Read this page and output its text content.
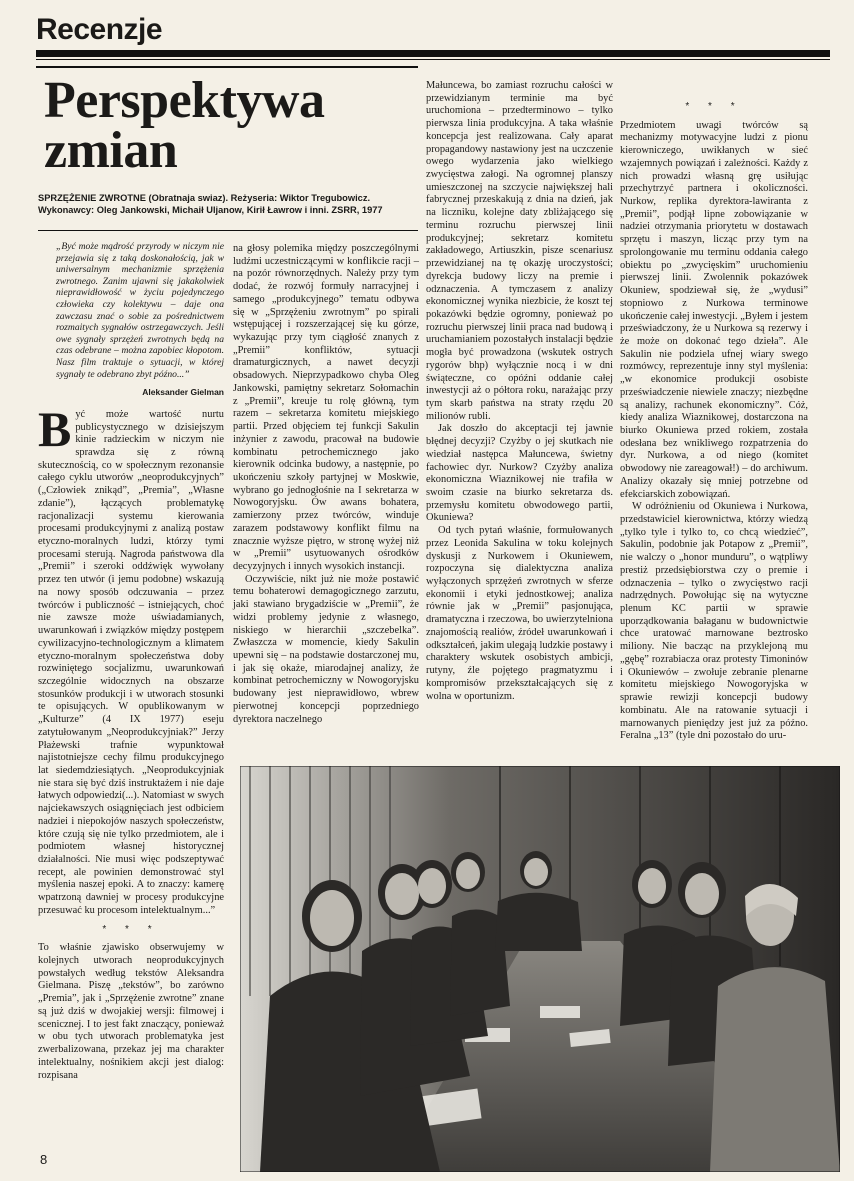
Recenzje
Perspektywa
zmian

SPRZĘŻENIE ZWROTNE (Obratnaja swiaz). Reżyseria: Wiktor Tregubowicz. Wykonawcy: Oleg Jankowski, Michaił Uljanow, Kirił Ławrow i inni. ZSRR, 1977

„Być może mądrość przyrody w niczym nie przejawia się z taką doskonałością, jak w uniwersalnym mechanizmie sprzężenia zwrotnego. Zanim ujawni się jakakolwiek nieprawidłowość w życiu pojedynczego człowieka czy kolektywu – daje ona zawczasu znać o sobie za pośrednictwem rozmaitych sygnałów ostrzegawczych. Jeśli owe sygnały sprzężeń zwrotnych będą na czas odebrane – można zapobiec kłopotom. Nasz film traktuje o sytuacji, w której sygnały te odebrano zbyt późno...”

Aleksander Gielman

Być może wartość nurtu publicystycznego w dzisiejszym kinie radzieckim w niczym nie sprawdza się z równą skutecznością, co w społecznym rezonansie całego cyklu utworów „neoprodukcyjnych” („Człowiek znikąd”, „Premia”, „Własne zdanie”), łączących problematykę racjonalizacji systemu kierowania procesami produkcyjnymi z analizą postaw etyczno-moralnych ludzi, którzy tymi procesami sterują. Nagroda państwowa dla „Premii” i szeroki oddźwięk wywołany przez ten utwór (i jemu podobne) wskazują na nowy sposób odczuwania – przez twórców i publiczność – istniejących, choć nie zawsze może uświadamianych, uwarunkowań i związków między postępem cywilizacyjno-technologicznym a klimatem etyczno-moralnym społeczeństwa doby rozwiniętego socjalizmu, uwarunkowań szczególnie widocznych na obszarze stosunków produkcji i w utworach stosunki te opisujących. W opublikowanym w „Kulturze” (4 IX 1977) eseju zatytułowanym „Neoprodukcyjniak?” Jerzy Płażewski trafnie wypunktował najistotniejsze cechy filmu produkcyjnego lat siedemdziesiątych. „Neoprodukcyjniak nie stara się być dziś instruktażem i nie daje łatwych odpowiedzi(...). Natomiast w swych najciekawszych osiągnięciach jest odbiciem nadziei i niepokojów naszych społeczeństw, które czują się nie tylko przedmiotem, ale i podmiotem własnej historycznej działalności. Nie musi więc podszeptywać recept, ale powinien demonstrować styl myślenia naszej epoki. A to znaczy: kamerę wpatrzoną dawniej w procesy produkcyjne przesuwać ku procesom intelektualnym...”

* * *

To właśnie zjawisko obserwujemy w kolejnych utworach neoprodukcyjnych powstałych według tekstów Aleksandra Gielmana. Piszę „tekstów”, bo zarówno „Premia”, jak i „Sprzężenie zwrotne” znane są już dziś w dwojakiej wersji: filmowej i scenicznej. I to jest fakt znaczący, ponieważ w obu tych utworach problematyka jest zwerbalizowana, przekaz jej ma charakter intelektualny, nośnikiem akcji jest dialog: rozpisana

na głosy polemika między poszczególnymi ludźmi uczestniczącymi w konflikcie racji – na pozór równorzędnych. Należy przy tym dodać, że rozwój formuły narracyjnej i samego „produkcyjnego” tematu odbywa się w „Sprzężeniu zwrotnym” po spirali wstępującej i rozszerzającej się ku górze, wykazując przy tym ciągłość znanych z „Premii” konfliktów, sytuacji dramaturgicznych, a nawet decyzji obsadowych. Nieprzypadkowo chyba Oleg Jankowski, pamiętny sekretarz Sołomachin z „Premii”, kreuje tu rolę główną, tym razem – sekretarza komitetu miejskiego partii. Przed objęciem tej funkcji Sakulin inżynier z zawodu, pracował na budowie kombinatu petrochemicznego jako kierownik odcinka budowy, a następnie, po ukończeniu szkoły partyjnej w Moskwie, wybrano go jednogłośnie na I sekretarza w Nowogoryjsku. Ów awans bohatera, zamierzony przez twórców, winduje zarazem podstawowy konflikt filmu na znacznie wyższe piętro, w stronę wyżej niż w „Premii” usytuowanych ośrodków decyzyjnych i innych wysokich instancji.

Oczywiście, nikt już nie może postawić temu bohaterowi demagogicznego zarzutu, jaki stawiano brygadziście w „Premii”, że widzi problemy jedynie z własnego, niskiego w hierarchii „szczebelka”. Zwłaszcza w momencie, kiedy Sakulin upewni się – na podstawie dostarczonej mu, i jak się okaże, miarodajnej analizy, że kombinat petrochemiczny w Nowogoryjsku budowany jest nieprawidłowo, wbrew pierwotnej koncepcji poprzedniego dyrektora naczelnego

Małuncewa, bo zamiast rozruchu całości w przewidzianym terminie ma być uruchomiona – przedterminowo – tylko pierwsza linia produkcyjna. A taka właśnie koncepcja jest realizowana. Cały aparat propagandowy nastawiony jest na uczczenie owego wydarzenia jako wielkiego zwycięstwa załogi. Na ogromnej planszy umieszczonej na szczycie największej hali fabrycznej przeskakują z dnia na dzień, jak na liczniku, kolejne daty zbliżającego się terminu rozruchu pierwszej linii produkcyjnej; sekretarz komitetu zakładowego, Artiuszkin, pisze scenariusz przewidzianej na tę okazję uroczystości; dyrekcja budowy liczy na premie i odznaczenia. A tymczasem z analizy ekonomicznej wynika niezbicie, że koszt tej pokazówki będzie ogromny, ponieważ po rozruchu pierwszej linii praca nad budową i uruchamianiem pozostałych instalacji będzie mogła być prowadzona (wskutek ostrych rygorów bhp) wyłącznie nocą i w dni świąteczne, co opóźni oddanie całej inwestycji aż o półtora roku, narażając przy tym skarb państwa na straty rzędu 20 milionów rubli.

Jak doszło do akceptacji tej jawnie błędnej decyzji? Czyżby o jej skutkach nie wiedział następca Małuncewa, świetny fachowiec dyr. Nurkow? Czyżby analiza ekonomiczna Wiaznikowej nie trafiła w swoim czasie na biurko sekretarza ds. przemysłu komitetu obwodowego partii, Okuniewa?

Od tych pytań właśnie, formułowanych przez Leonida Sakulina w toku kolejnych dyskusji z Nurkowem i Okuniewem, rozpoczyna się dialektyczna analiza wyłączonych sprzężeń zwrotnych w sferze ekonomii i etyki jednostkowej; analiza równie jak w „Premii” pasjonująca, dramatyczna i rzeczowa, bo uwierzytelniona znajomością realiów, źródeł uwarunkowań i odkształceń, jakim ulegają ludzkie postawy i charaktery wskutek osobistych ambicji, rutyny, źle pojętego pragmatyzmu i kompromisów przekształcających się z wolna w oportunizm.

* * *

Przedmiotem uwagi twórców są mechanizmy motywacyjne ludzi z pionu kierowniczego, uwikłanych w sieć wzajemnych powiązań i zależności. Każdy z nich prowadzi własną grę usiłując przechytrzyć partnera i okoliczności. Nurkow, replika dyrektora-lawiranta z „Premii”, podjął lipne zobowiązanie w nadziei otrzymania priorytetu w dostawach sprzętu i maszyn, licząc przy tym na sprolongowanie mu terminu oddania całego obiektu po „zwycięskim” uruchomieniu pierwszej linii. Zwolennik pokazówek Okuniew, spodziewał się, że „wydusi” stopniowo z Nurkowa terminowe ukończenie całej inwestycji. „Byłem i jestem przeświadczony, że u Nurkowa są rezerwy i że może on dokonać tego dzieła”. Ale Sakulin nie podziela ufnej wiary swego rozmówcy, reprezentuje inny styl myślenia: „w ekonomice produkcji osobiste przeświadczenie niewiele znaczy; niezbędne są analizy, rachunek ekonomiczny”. Cóż, kiedy analiza Wiaznikowej, dostarczona na biurko Okuniewa przed rokiem, została odesłana bez wnikliwego rozpatrzenia do dyr. Nurkowa, a od niego (komitet obwodowy nie zareagował!) – do archiwum. Analizy okazały się mniej potrzebne od efekciarskich zobowiązań.

W odróżnieniu od Okuniewa i Nurkowa, przedstawiciel kierownictwa, którzy wiedzą „tylko tyle i tylko to, co chcą wiedzieć”, Sakulin, podobnie jak Potapow z „Premii”, nie walczy o „honor munduru”, o wątpliwy prestiż przedsiębiorstwa czy o premie i odznaczenia – tylko o zwycięstwo racji nadrzędnych. Powołując się na wytyczne plenum KC partii w sprawie uporządkowania bałaganu w budownictwie chce uratować marnowane beztrosko miliony. Nie bacząc na przyklejoną mu „gębę” rozrabiacza oraz protesty Timoninów i Okuniewów – zwołuje zebranie plenarne komitetu miejskiego Nowogoryjska w sprawie rewizji koncepcji budowy kombinatu. Ale na ratowanie sytuacji i marnowanych pieniędzy jest już za późno. Feralna „13” (tyle dni pozostało do uru-

8
